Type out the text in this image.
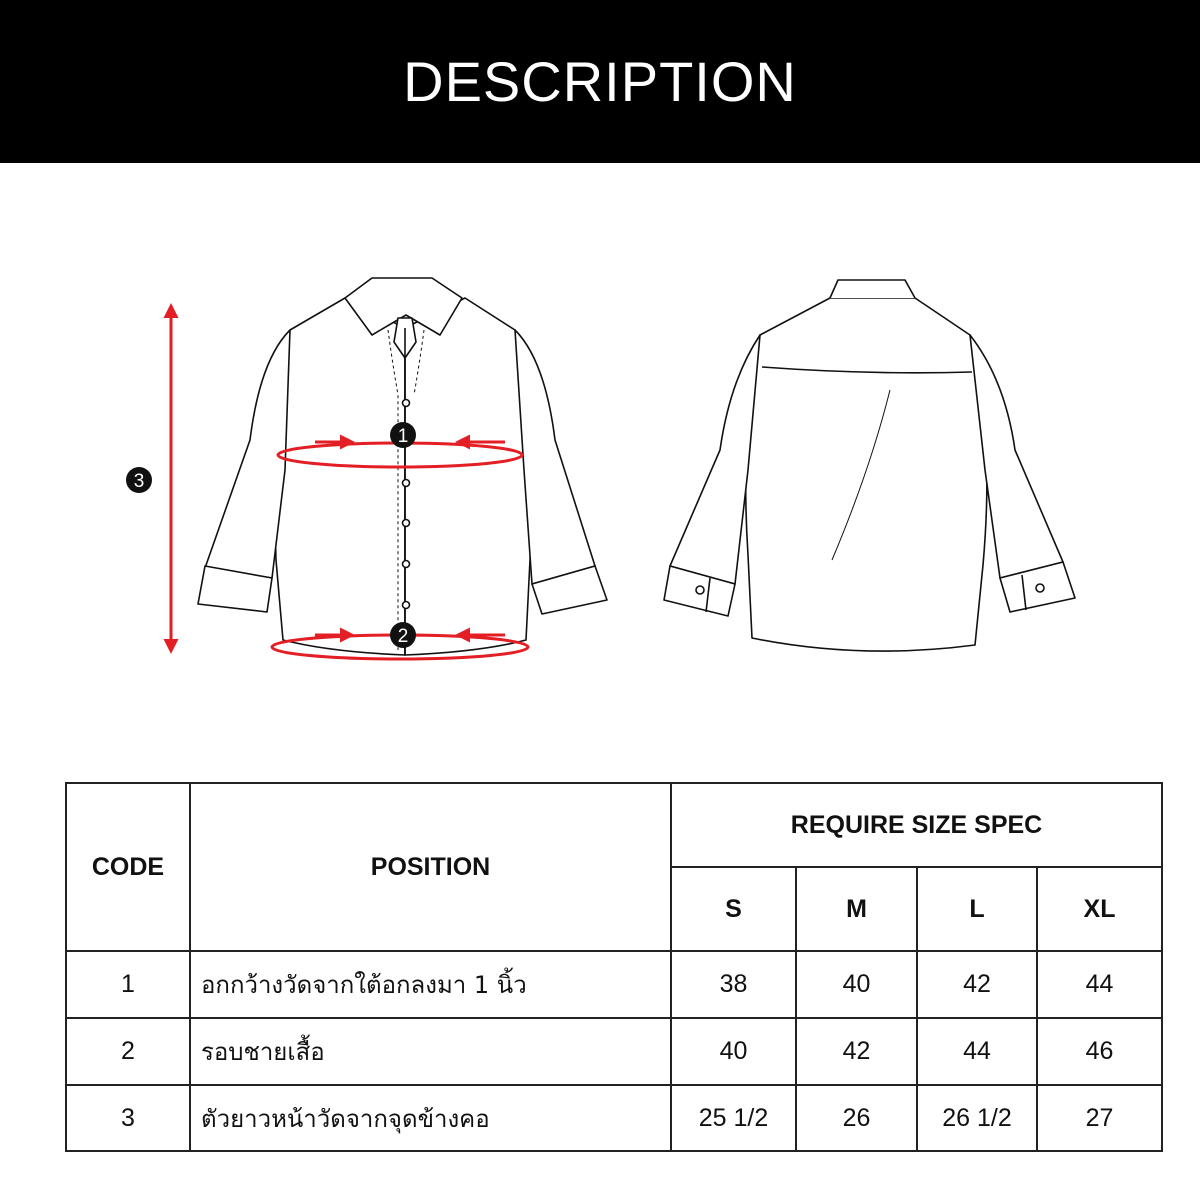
DESCRIPTION
1
2
3
CODE	POSITION	REQUIRE SIZE SPEC			
		S	M	L	XL
1	อกกว้างวัดจากใต้อกลงมา 1 นิ้ว	38	40	42	44
2	รอบชายเสื้อ	40	42	44	46
3	ตัวยาวหน้าวัดจากจุดข้างคอ	25 1/2	26	26 1/2	27
